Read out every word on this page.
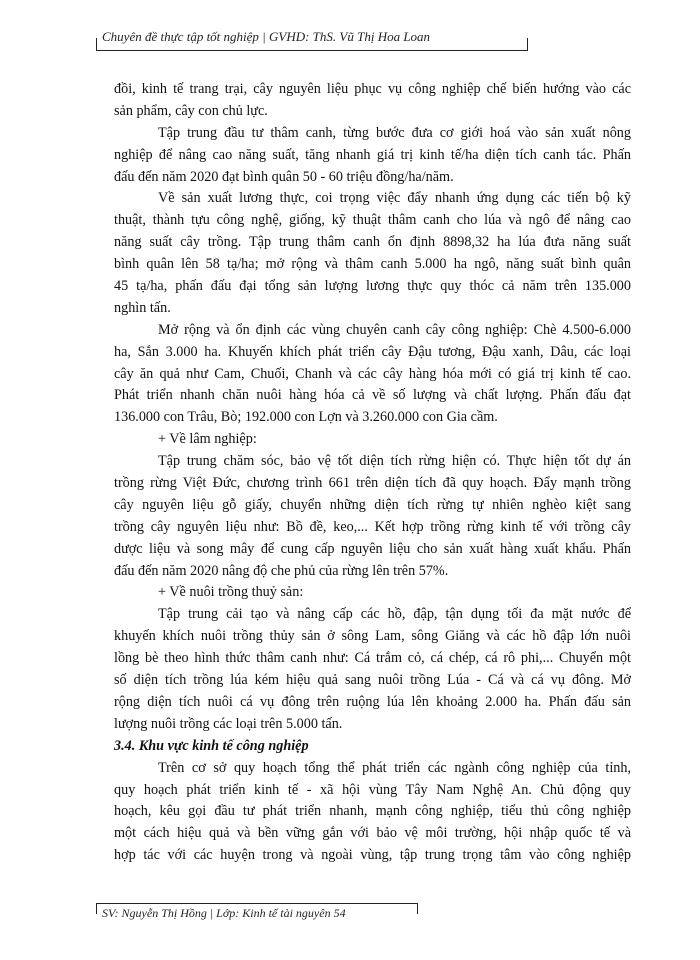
Chuyên đề thực tập tốt nghiệp | GVHD: ThS. Vũ Thị Hoa Loan
đồi, kinh tế trang trại, cây nguyên liệu phục vụ công nghiệp chế biến hướng vào các
sản phẩm, cây con chủ lực.
Tập trung đầu tư thâm canh, từng bước đưa cơ giới hoá vào sản xuất nông
nghiệp để nâng cao năng suất, tăng nhanh giá trị kinh tế/ha diện tích canh tác. Phấn
đấu đến năm 2020 đạt bình quân 50 - 60 triệu đồng/ha/năm.
Về sản xuất lương thực, coi trọng việc đẩy nhanh ứng dụng các tiến bộ kỹ
thuật, thành tựu công nghệ, giống, kỹ thuật thâm canh cho lúa và ngô để nâng cao
năng suất cây trồng. Tập trung thâm canh ổn định 8898,32 ha lúa đưa năng suất
bình quân lên 58 tạ/ha; mở rộng và thâm canh 5.000 ha ngô, năng suất bình quân
45 tạ/ha, phấn đấu đại tổng sản lượng lương thực quy thóc cả năm trên 135.000
nghìn tấn.
Mở rộng và ổn định các vùng chuyên canh cây công nghiệp: Chè 4.500-6.000
ha, Sắn 3.000 ha. Khuyến khích phát triển cây Đậu tương, Đậu xanh, Dâu, các loại
cây ăn quả như Cam, Chuối, Chanh và các cây hàng hóa mới có giá trị kinh tế cao.
Phát triển nhanh chăn nuôi hàng hóa cả về số lượng và chất lượng. Phấn đấu đạt
136.000 con Trâu, Bò; 192.000 con Lợn và 3.260.000 con Gia cầm.
+ Về lâm nghiệp:
Tập trung chăm sóc, bảo vệ tốt diện tích rừng hiện có. Thực hiện tốt dự án
trồng rừng Việt Đức, chương trình 661 trên diện tích đã quy hoạch. Đẩy mạnh trồng
cây nguyên liệu gỗ giấy, chuyển những diện tích rừng tự nhiên nghèo kiệt sang
trồng cây nguyên liệu như: Bồ đề, keo,... Kết hợp trồng rừng kinh tế với trồng cây
dược liệu và song mây để cung cấp nguyên liệu cho sản xuất hàng xuất khẩu. Phấn
đấu đến năm 2020 nâng độ che phủ của rừng lên trên 57%.
+ Về nuôi trồng thuỷ sản:
Tập trung cải tạo và nâng cấp các hồ, đập, tận dụng tối đa mặt nước để
khuyến khích nuôi trồng thủy sản ở sông Lam, sông Giăng và các hồ đập lớn nuôi
lồng bè theo hình thức thâm canh như: Cá trắm cỏ, cá chép, cá rô phi,... Chuyển một
số diện tích trồng lúa kém hiệu quả sang nuôi trồng Lúa - Cá và cá vụ đông. Mở
rộng diện tích nuôi cá vụ đông trên ruộng lúa lên khoảng 2.000 ha. Phấn đấu sản
lượng nuôi trồng các loại trên 5.000 tấn.
3.4. Khu vực kinh tế công nghiệp
Trên cơ sở quy hoạch tổng thể phát triển các ngành công nghiệp của tỉnh,
quy hoạch phát triển kinh tế - xã hội vùng Tây Nam Nghệ An. Chủ động quy
hoạch, kêu gọi đầu tư phát triển nhanh, mạnh công nghiệp, tiểu thủ công nghiệp
một cách hiệu quả và bền vững gắn với bảo vệ môi trường, hội nhập quốc tế và
hợp tác với các huyện trong và ngoài vùng, tập trung trọng tâm vào công nghiệp
SV: Nguyễn Thị Hồng | Lớp: Kinh tế tài nguyên 54
